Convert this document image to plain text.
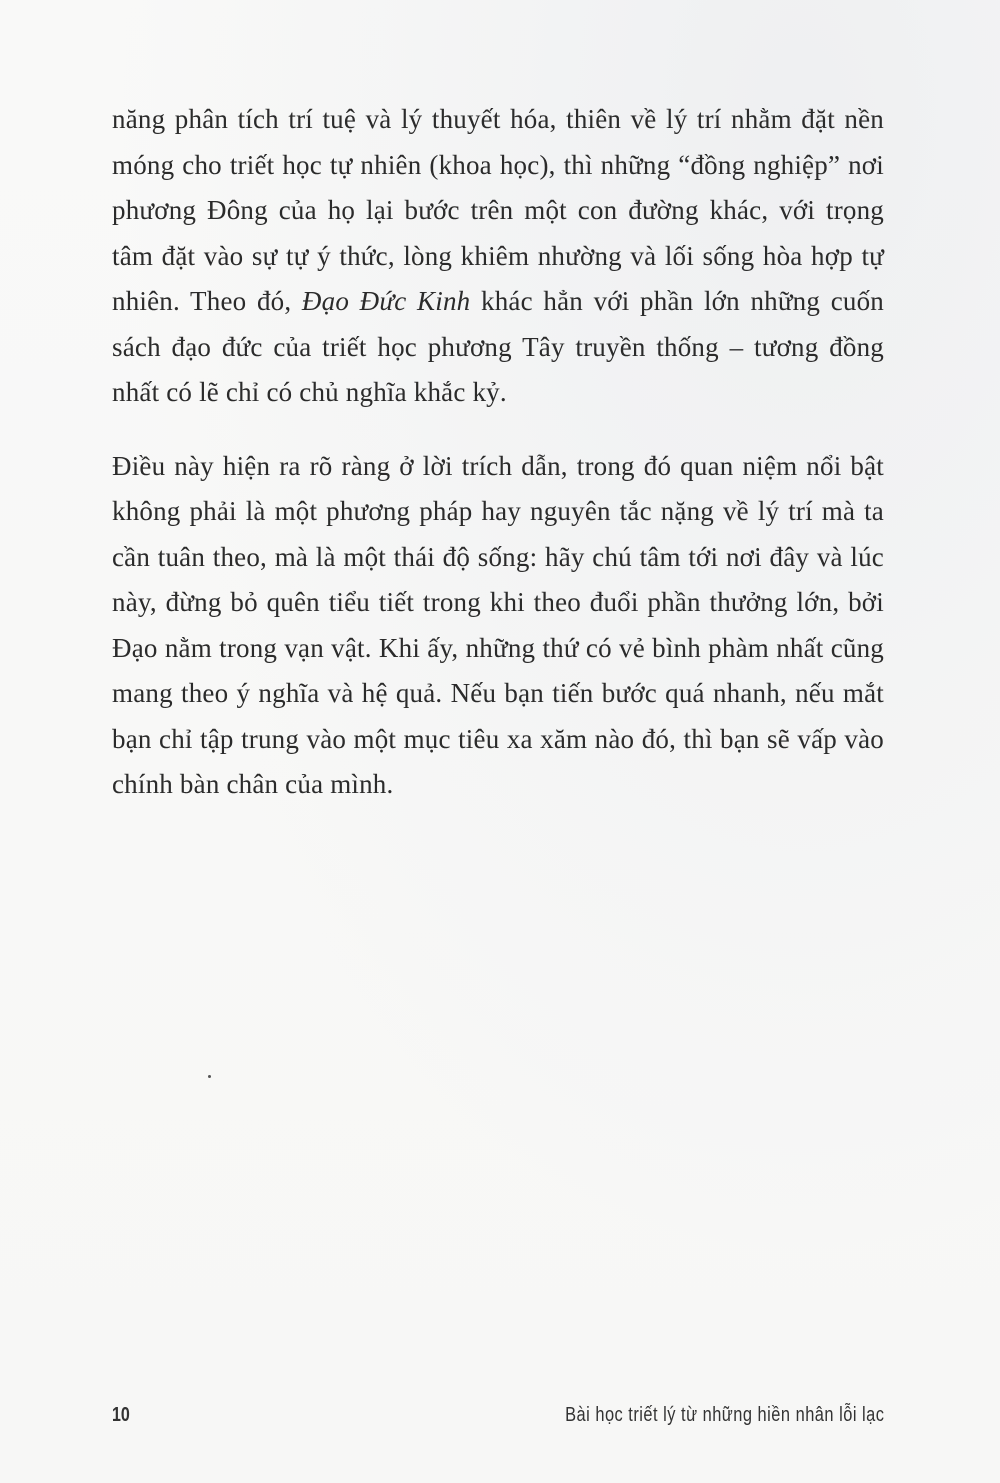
năng phân tích trí tuệ và lý thuyết hóa, thiên về lý trí nhằm đặt nền móng cho triết học tự nhiên (khoa học), thì những “đồng nghiệp” nơi phương Đông của họ lại bước trên một con đường khác, với trọng tâm đặt vào sự tự ý thức, lòng khiêm nhường và lối sống hòa hợp tự nhiên. Theo đó, Đạo Đức Kinh khác hẳn với phần lớn những cuốn sách đạo đức của triết học phương Tây truyền thống – tương đồng nhất có lẽ chỉ có chủ nghĩa khắc kỷ.

Điều này hiện ra rõ ràng ở lời trích dẫn, trong đó quan niệm nổi bật không phải là một phương pháp hay nguyên tắc nặng về lý trí mà ta cần tuân theo, mà là một thái độ sống: hãy chú tâm tới nơi đây và lúc này, đừng bỏ quên tiểu tiết trong khi theo đuổi phần thưởng lớn, bởi Đạo nằm trong vạn vật. Khi ấy, những thứ có vẻ bình phàm nhất cũng mang theo ý nghĩa và hệ quả. Nếu bạn tiến bước quá nhanh, nếu mắt bạn chỉ tập trung vào một mục tiêu xa xăm nào đó, thì bạn sẽ vấp vào chính bàn chân của mình.

10	Bài học triết lý từ những hiền nhân lỗi lạc
